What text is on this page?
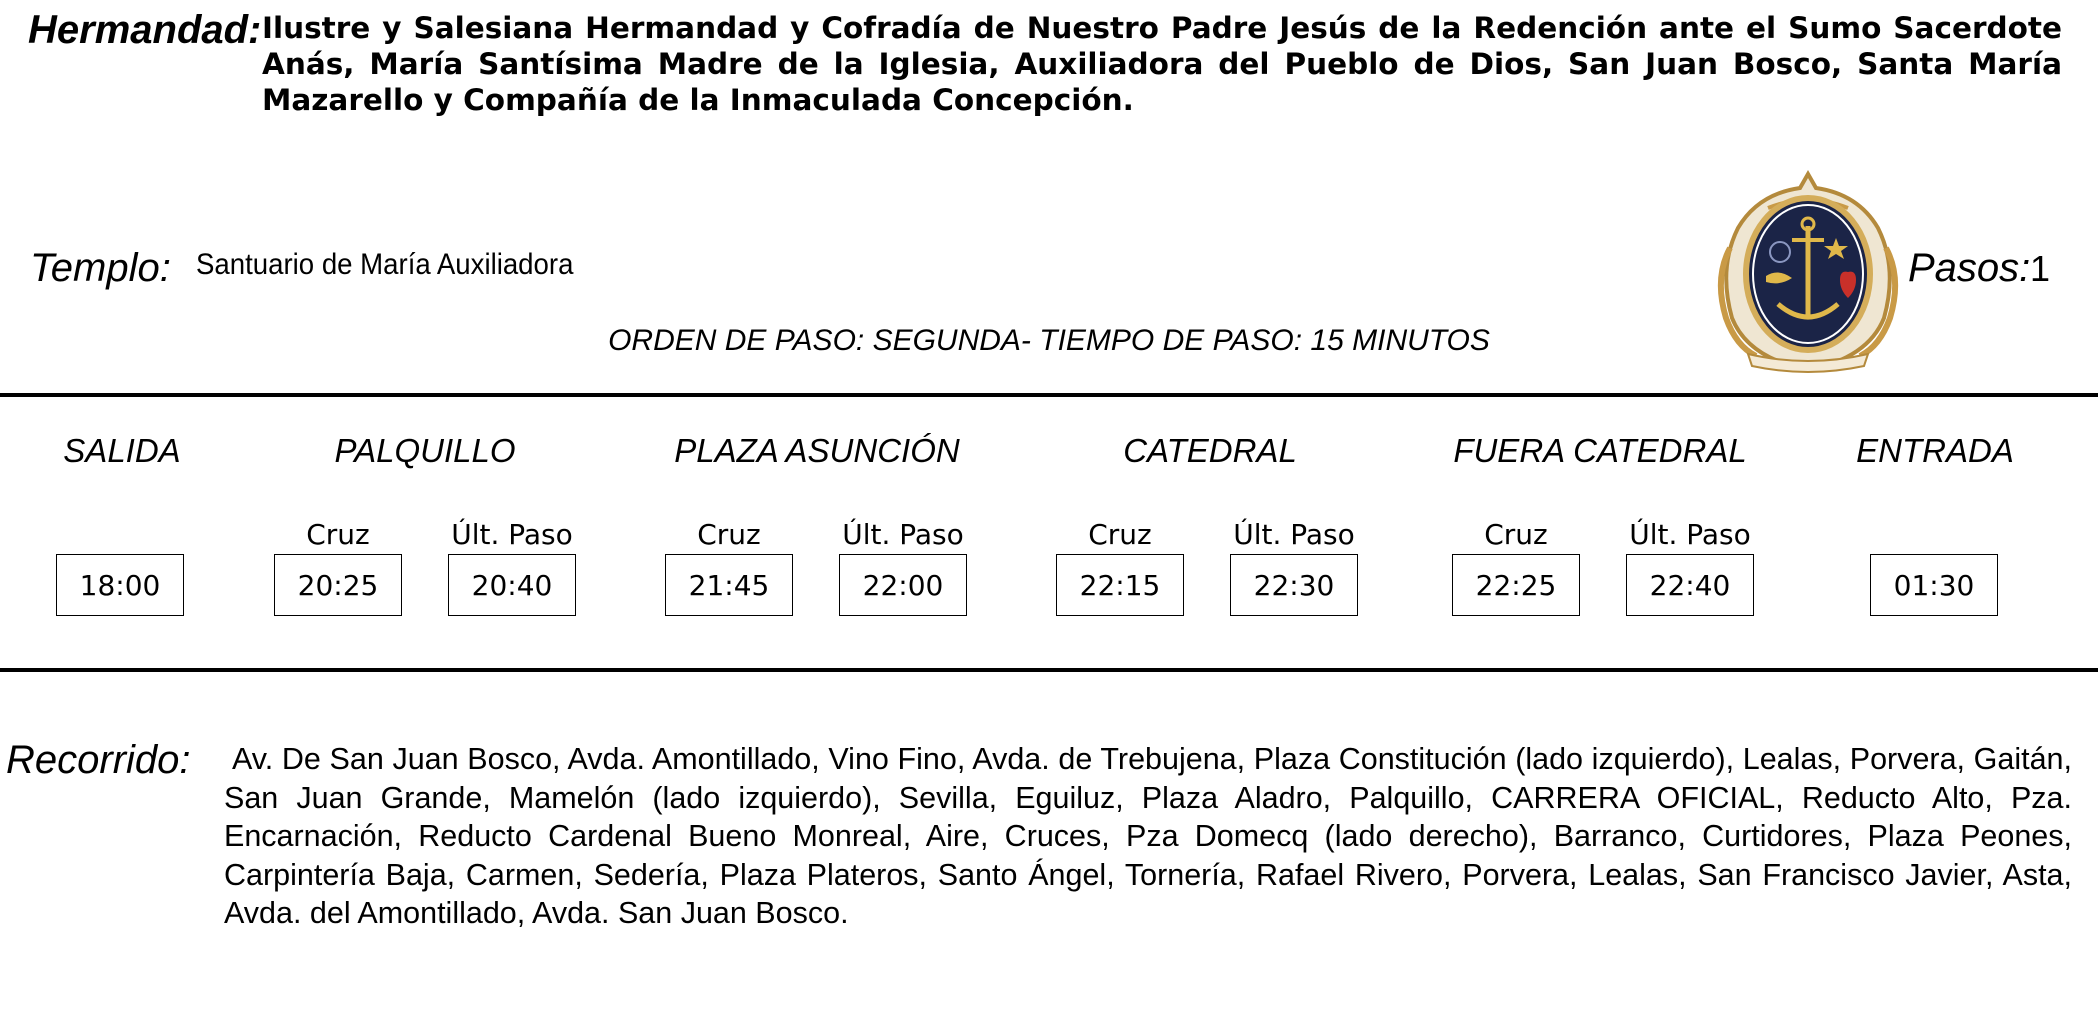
Hermandad: Ilustre y Salesiana Hermandad y Cofradía de Nuestro Padre Jesús de la Redención ante el Sumo Sacerdote Anás, María Santísima Madre de la Iglesia, Auxiliadora del Pueblo de Dios, San Juan Bosco, Santa María Mazarello y Compañía de la Inmaculada Concepción.
Templo: Santuario de María Auxiliadora	Pasos: 1
ORDEN DE PASO: SEGUNDA- TIEMPO DE PASO: 15 MINUTOS
SALIDA	PALQUILLO	PLAZA ASUNCIÓN	CATEDRAL	FUERA CATEDRAL	ENTRADA
Cruz	Últ. Paso	Cruz	Últ. Paso	Cruz	Últ. Paso	Cruz	Últ. Paso
18:00	20:25	20:40	21:45	22:00	22:15	22:30	22:25	22:40	01:30
Recorrido: Av. De San Juan Bosco, Avda. Amontillado, Vino Fino, Avda. de Trebujena, Plaza Constitución (lado izquierdo), Lealas, Porvera, Gaitán, San Juan Grande, Mamelón (lado izquierdo), Sevilla, Eguiluz, Plaza Aladro, Palquillo, CARRERA OFICIAL, Reducto Alto, Pza. Encarnación, Reducto Cardenal Bueno Monreal, Aire, Cruces, Pza Domecq (lado derecho), Barranco, Curtidores, Plaza Peones, Carpintería Baja, Carmen, Sedería, Plaza Plateros, Santo Ángel, Tornería, Rafael Rivero, Porvera, Lealas, San Francisco Javier, Asta, Avda. del Amontillado, Avda. San Juan Bosco.
